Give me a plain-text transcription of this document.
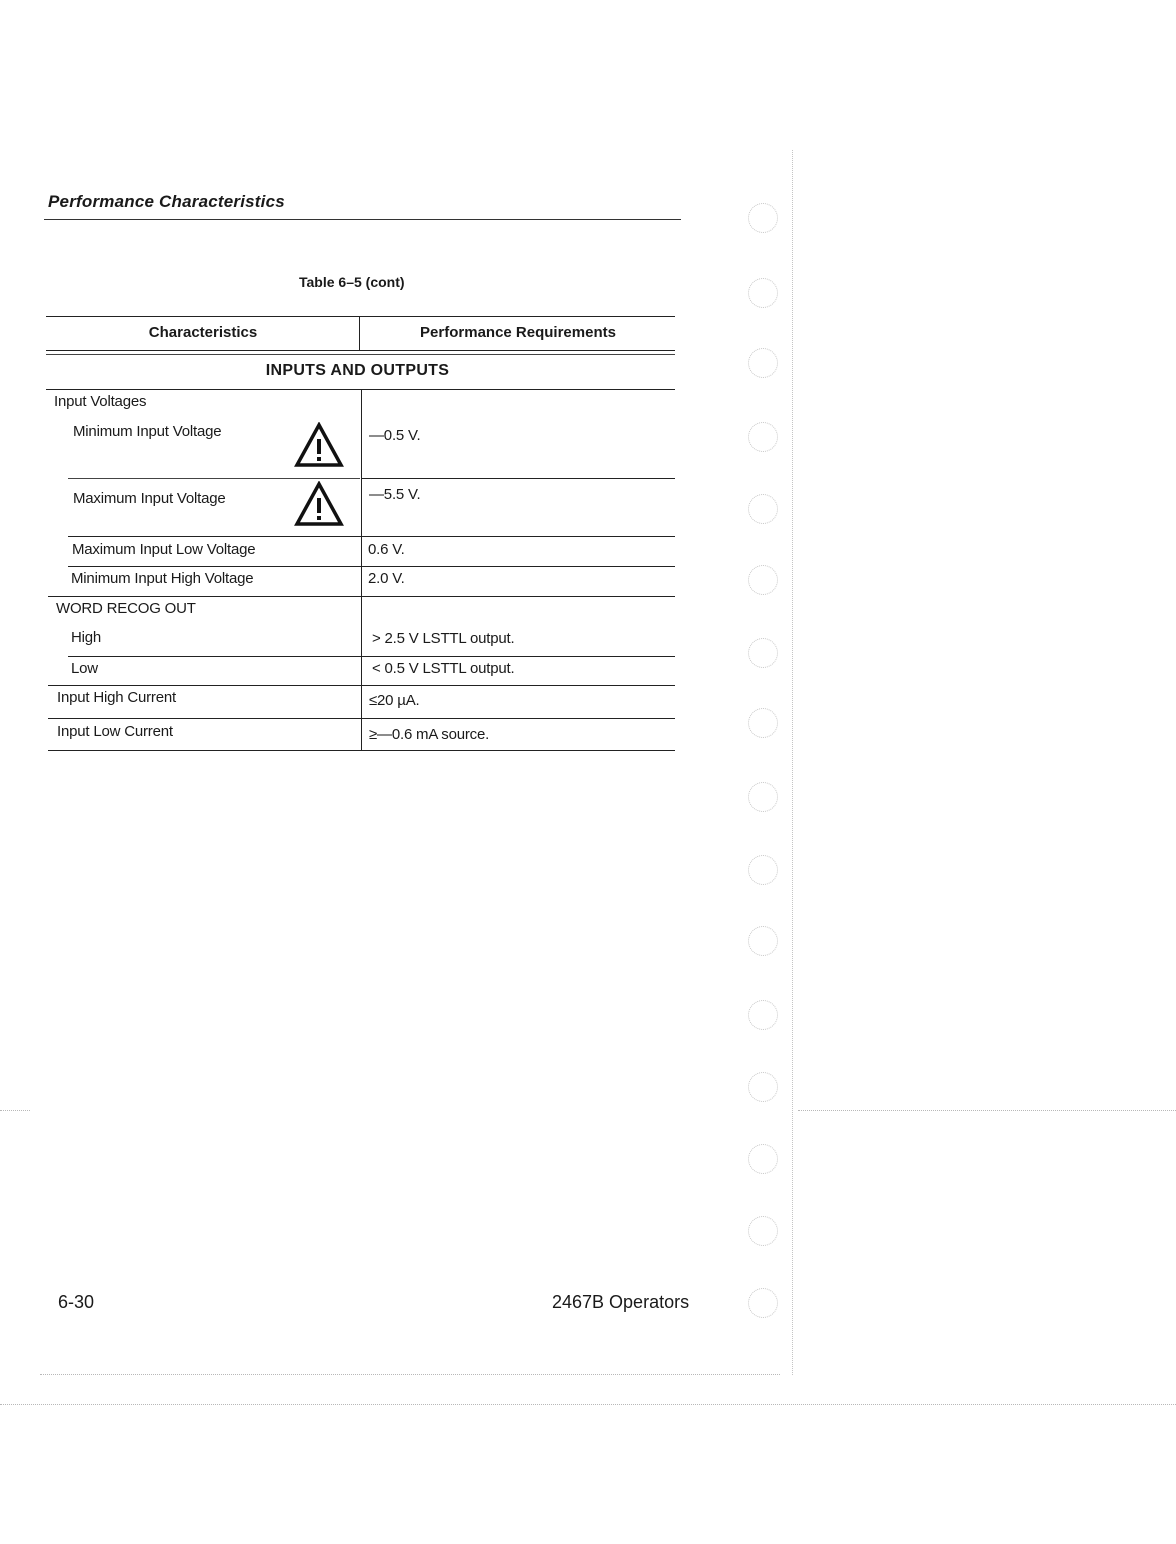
Performance Characteristics
Table 6–5 (cont)
Characteristics	Performance Requirements
INPUTS AND OUTPUTS
Input Voltages
Minimum Input Voltage	—0.5 V.
Maximum Input Voltage	—5.5 V.
Maximum Input Low Voltage	0.6 V.
Minimum Input High Voltage	2.0 V.
WORD RECOG OUT
High	> 2.5 V LSTTL output.
Low	< 0.5 V LSTTL output.
Input High Current	≤20 µA.
Input Low Current	≥—0.6 mA source.
6-30	2467B Operators
